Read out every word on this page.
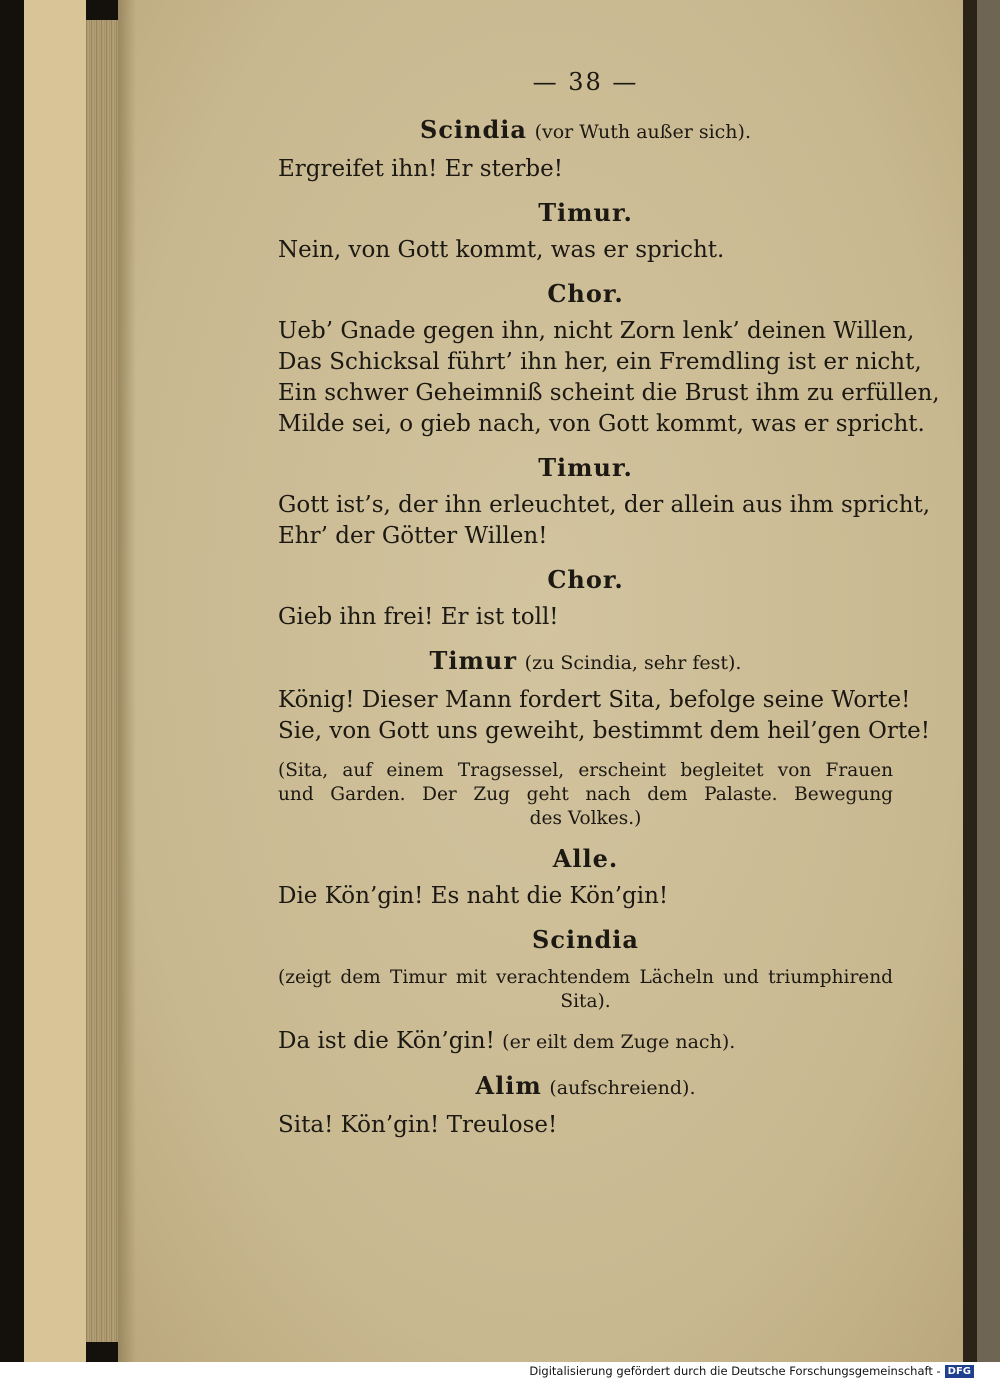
— 38 —
Scindia (vor Wuth außer sich).
Ergreifet ihn! Er sterbe!
Timur.
Nein, von Gott kommt, was er spricht.
Chor.
Ueb’ Gnade gegen ihn, nicht Zorn lenk’ deinen Willen,
Das Schicksal führt’ ihn her, ein Fremdling ist er nicht,
Ein schwer Geheimniß scheint die Brust ihm zu erfüllen,
Milde sei, o gieb nach, von Gott kommt, was er spricht.
Timur.
Gott ist’s, der ihn erleuchtet, der allein aus ihm spricht,
Ehr’ der Götter Willen!
Chor.
Gieb ihn frei! Er ist toll!
Timur (zu Scindia, sehr fest).
König! Dieser Mann fordert Sita, befolge seine Worte!
Sie, von Gott uns geweiht, bestimmt dem heil’gen Orte!
(Sita, auf einem Tragsessel, erscheint begleitet von Frauen
und Garden. Der Zug geht nach dem Palaste. Bewegung
des Volkes.)
Alle.
Die Kön’gin! Es naht die Kön’gin!
Scindia
(zeigt dem Timur mit verachtendem Lächeln und triumphirend
Sita).
Da ist die Kön’gin! (er eilt dem Zuge nach).
Alim (aufschreiend).
Sita! Kön’gin! Treulose!
Digitalisierung gefördert durch die Deutsche Forschungsgemeinschaft - DFG
